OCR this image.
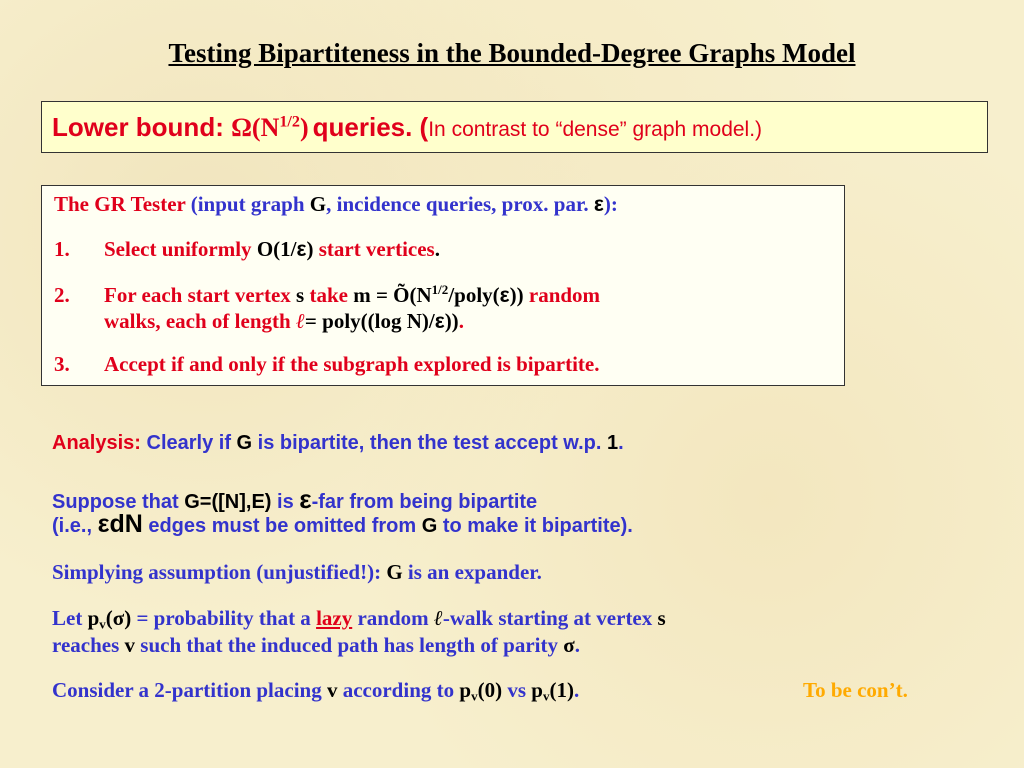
Testing Bipartiteness in the Bounded-Degree Graphs Model
Lower bound: $\Omega(N^{1/2})$ queries. (In contrast to “dense” graph model.)
The GR Tester (input graph G, incidence queries, prox. par. ε):
1. Select uniformly O(1/ε) start vertices.
2. For each start vertex s take $m = Õ(N^{1/2}/poly(\varepsilon))$ random
walks, each of length ℓ= poly((log N)/ε)).
3. Accept if and only if the subgraph explored is bipartite.
Analysis: Clearly if G is bipartite, then the test accept w.p. 1.
Suppose that G=([N],E) is ε-far from being bipartite
(i.e., εdN edges must be omitted from G to make it bipartite).
Simplying assumption (unjustified!): G is an expander.
Let $p_v(\sigma)$ = probability that a lazy random ℓ-walk starting at vertex s
reaches v such that the induced path has length of parity σ.
Consider a 2-partition placing v according to $p_v(0)$ vs $p_v(1)$.	To be con’t.
